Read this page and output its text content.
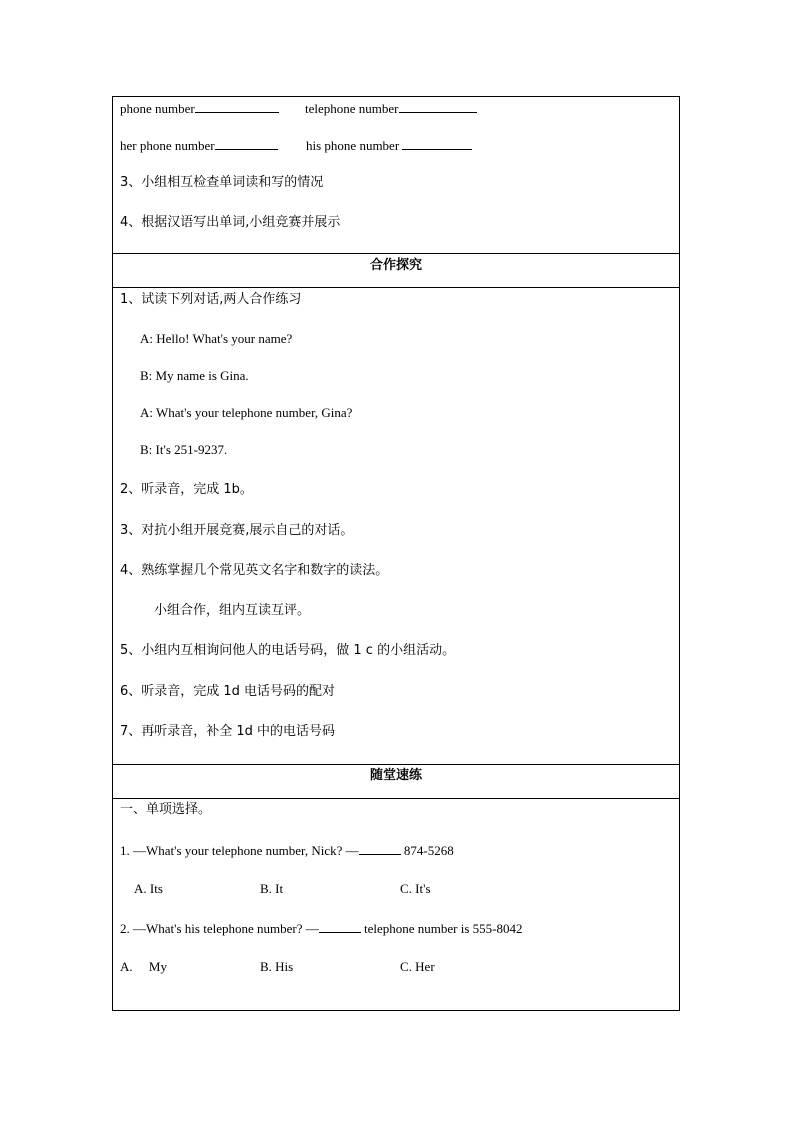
phone number	telephone number
her phone number	his phone number
3、小组相互检查单词读和写的情况
4、根据汉语写出单词,小组竞赛并展示
合作探究
1、试读下列对话,两人合作练习
A: Hello! What's your name?
B: My name is Gina.
A: What's your telephone number, Gina?
B: It's 251-9237.
2、听录音，完成 1b。
3、对抗小组开展竞赛,展示自己的对话。
4、熟练掌握几个常见英文名字和数字的读法。
小组合作，组内互读互评。
5、小组内互相询问他人的电话号码，做 1 c 的小组活动。
6、听录音，完成 1d 电话号码的配对
7、再听录音，补全 1d 中的电话号码
随堂速练
一、单项选择。
1. —What's your telephone number, Nick? —	874-5268
A. Its	B. It	C. It's
2. —What's his telephone number? —	telephone number is 555-8042
A.     My	B. His	C. Her
